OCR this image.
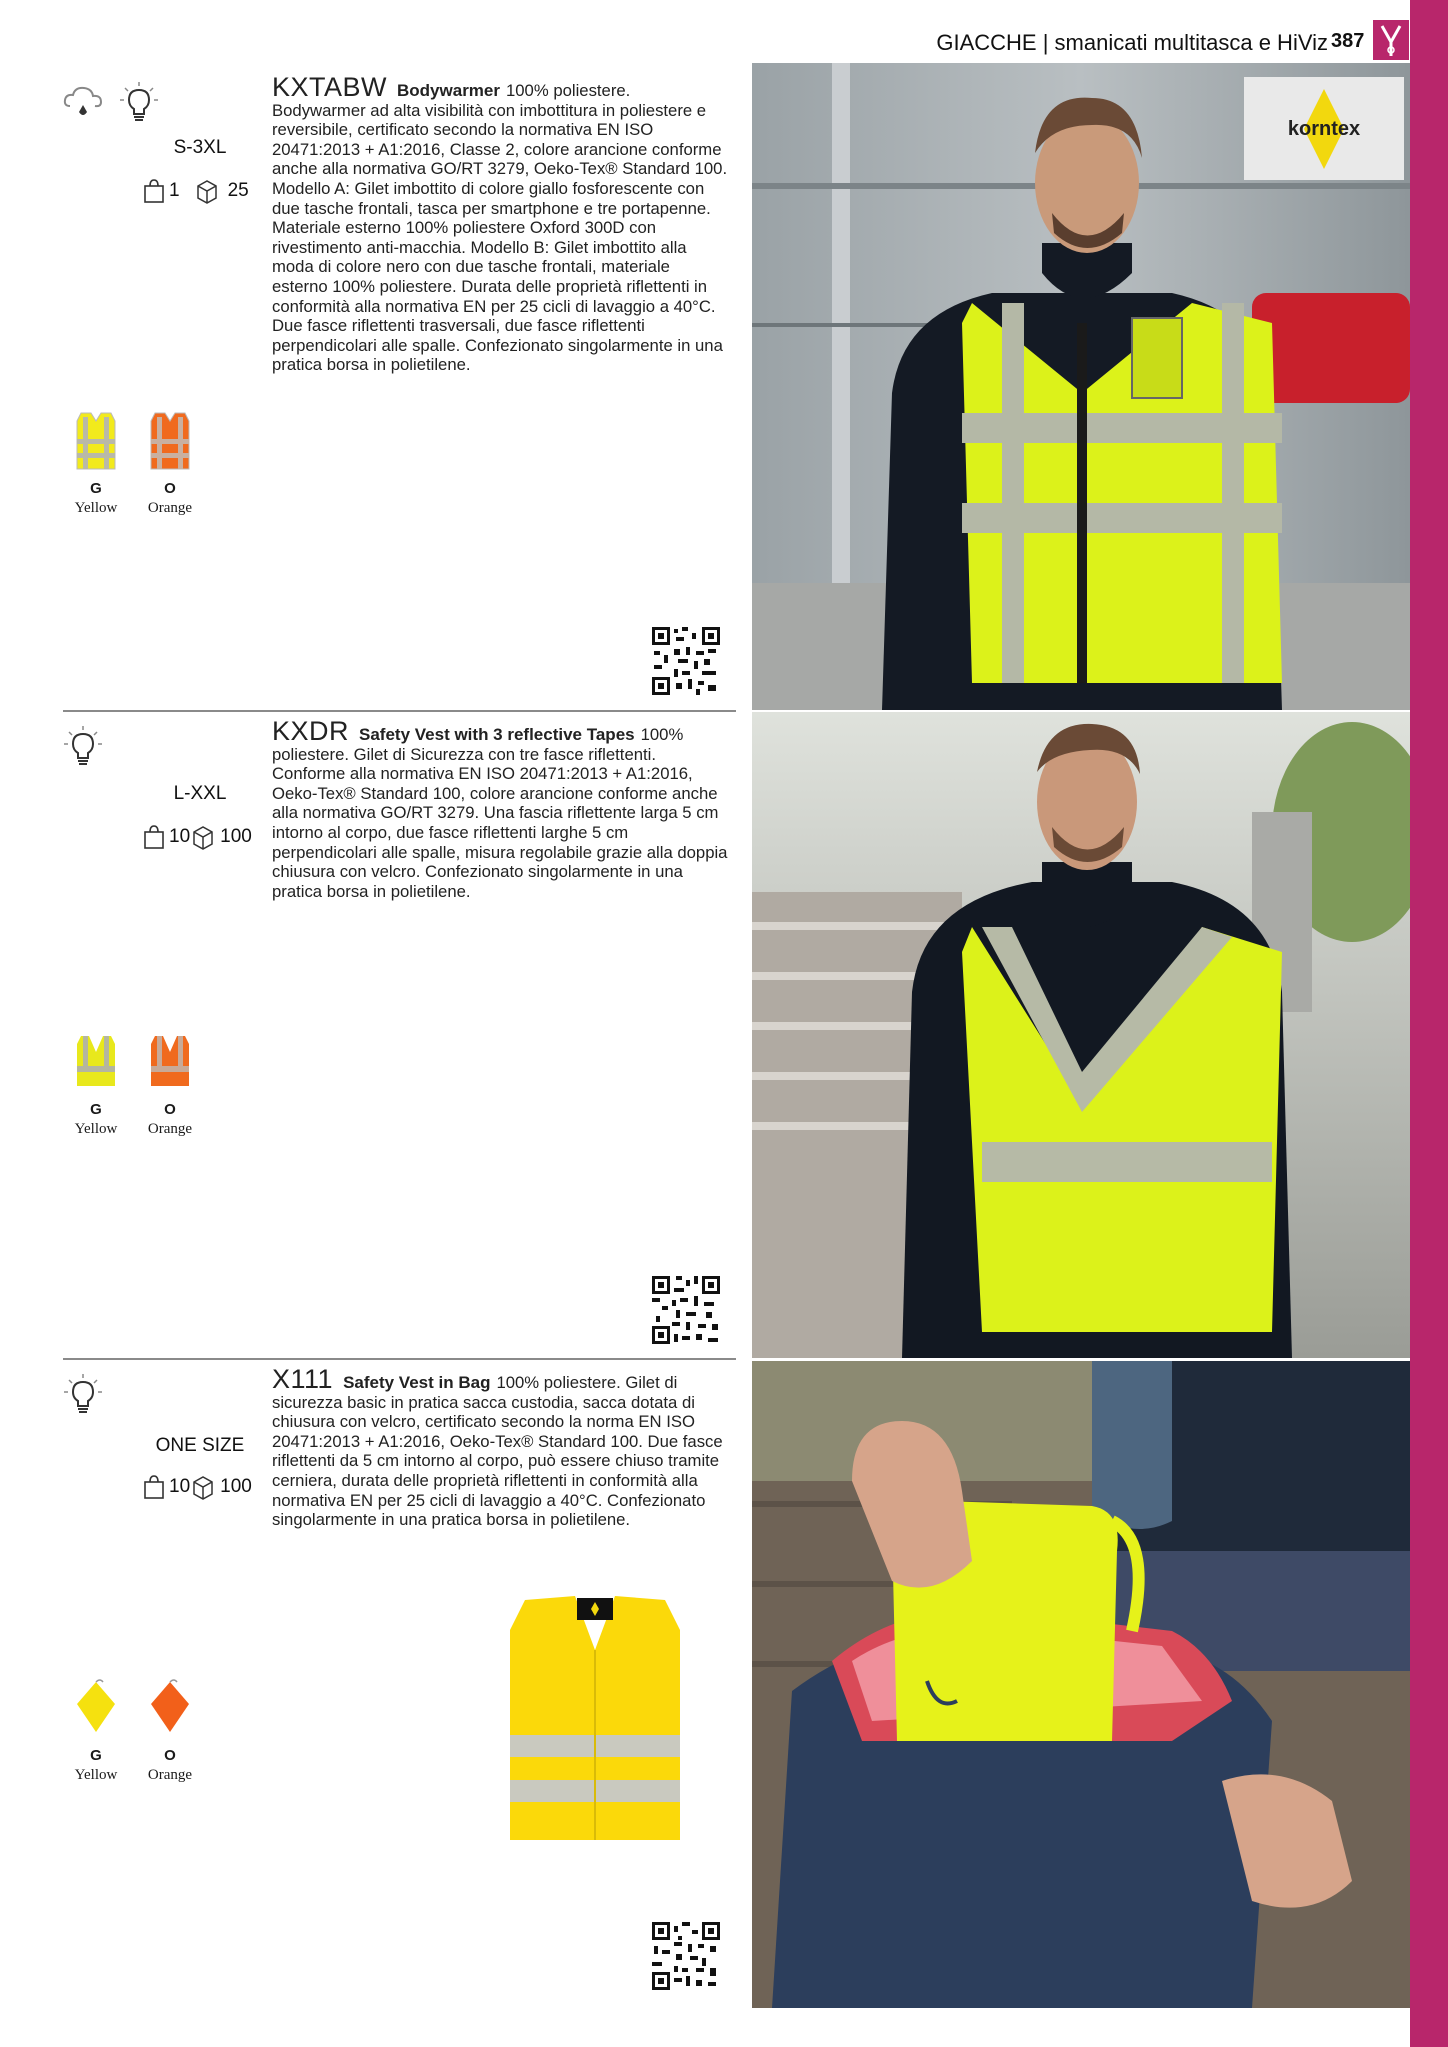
GIACCHE | smanicati multitasca e HiViz 387
S-3XL
1	25
KXTABW Bodywarmer 100% poliestere. Bodywarmer ad alta visibilità con imbottitura in poliestere e reversibile, certificato secondo la normativa EN ISO 20471:2013 + A1:2016, Classe 2, colore arancione conforme anche alla normativa GO/RT 3279, Oeko-Tex® Standard 100. Modello A: Gilet imbottito di colore giallo fosforescente con due tasche frontali, tasca per smartphone e tre portapenne. Materiale esterno 100% poliestere Oxford 300D con rivestimento anti-macchia. Modello B: Gilet imbottito alla moda di colore nero con due tasche frontali, materiale esterno 100% poliestere. Durata delle proprietà riflettenti in conformità alla normativa EN per 25 cicli di lavaggio a 40°C. Due fasce riflettenti trasversali, due fasce riflettenti perpendicolari alle spalle. Confezionato singolarmente in una pratica borsa in polietilene.
G
Yellow
O
Orange
korntex
L-XXL
10 100
KXDR Safety Vest with 3 reflective Tapes 100% poliestere. Gilet di Sicurezza con tre fasce riflettenti. Conforme alla normativa EN ISO 20471:2013 + A1:2016, Oeko-Tex® Standard 100, colore arancione conforme anche alla normativa GO/RT 3279. Una fascia riflettente larga 5 cm intorno al corpo, due fasce riflettenti larghe 5 cm perpendicolari alle spalle, misura regolabile grazie alla doppia chiusura con velcro. Confezionato singolarmente in una pratica borsa in polietilene.
G
Yellow
O
Orange
ONE SIZE
10 100
X111 Safety Vest in Bag 100% poliestere. Gilet di sicurezza basic in pratica sacca custodia, sacca dotata di chiusura con velcro, certificato secondo la norma EN ISO 20471:2013 + A1:2016, Oeko-Tex® Standard 100. Due fasce riflettenti da 5 cm intorno al corpo, può essere chiuso tramite cerniera, durata delle proprietà riflettenti in conformità alla normativa EN per 25 cicli di lavaggio a 40°C. Confezionato singolarmente in una pratica borsa in polietilene.
G
Yellow
O
Orange
